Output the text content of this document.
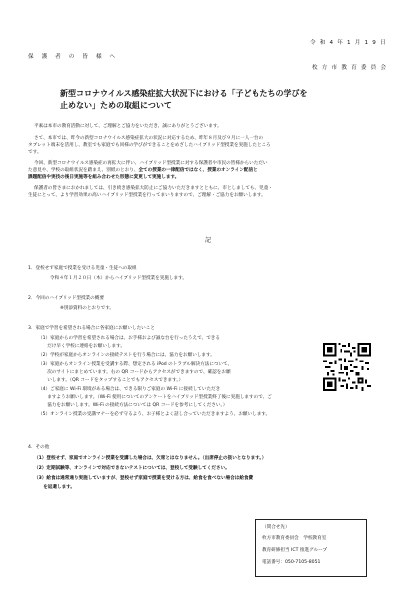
令 和 4 年 1 月 1 9 日
保　護　者　の　皆　様　へ
枚 方 市 教 育 委 員 会
新型コロナウイルス感染症拡大状況下における「子どもたちの学びを
止めない」ための取組について
平素は本市の教育活動に対して、ご理解とご協力をいただき、誠にありがとうございます。
さて、本市では、昨今の新型コロナウイルス感染症拡大の状況に対応するため、昨年８月及び９月に一人一台の
タブレット端末を活用し、教室でも家庭でも同様の学びができることをめざしたハイブリッド型授業を実施したところ
です。
今回、新型コロナウイルス感染症の再拡大に伴い、ハイブリッド型授業に対する保護者や市民の皆様からいただい
た意見や、学校の取組状況を踏まえ、別紙のとおり、全ての授業の一律配信ではなく、授業のオンライン配信と
課題配信や実技の後日実施等を組み合わせた形態に変更して実施します。
保護者の皆さまにおかれましては、引き続き感染拡大防止にご協力いただきますとともに、市としましても、児童・
生徒にとって、より学習効果の高いハイブリッド型授業を行ってまいりますので、ご理解・ご協力をお願いします。
記
1．登校せず家庭で授業を受ける児童・生徒への取組
令和４年１月２０日（木）からハイブリッド型授業を実施します。
2．今回のハイブリッド型授業の概要
※別添資料のとおりです。
3．家庭で学習を希望される場合に各家庭にお願いしたいこと
（1）家庭からの学習を希望される場合は、お手様および誠な台を行ったうえで、できる
　　だけ早く学校に連絡をお願いします。
（2）学校が家庭からオンラインの接続テストを行う場合には、協力をお願いします。
（3）家庭からオンライン授業を受講する際、想定される iPod のトラブル解決方法について、
　　次のサイトにまとめています。右の QR コードからアクセスができますので、確認をお願
　　いします。（QR コードをタップすることでもアクセスできます。）
（4）ご家庭に Wi-Fi 環境がある場合は、できる限りご家庭の Wi-Fi に接続していただき
　　ますようお願いします。（Wi-Fi 使用についてのアンケートをハイブリッド型授業終了後に実施しますので、ご
　　協力をお願いします。Wi-Fi の接続方法については QR コードを参考にしてください。）
（5）オンライン授業の受講マナーを必ず守るよう、お子様とよく話し合っていただきますよう、お願いします。
4．その他
（1）登校せず、家庭でオンライン授業を受講した場合は、欠席とはなりません。（出席停止の扱いとなります。）
（2）定期試験等、オンラインで対応できないテストについては、登校して受験してください。
（3）給食は通常通り実施していますが、登校せず家庭で授業を受ける方は、給食を食べない場合は給食費
　　を返還します。
（問合せ先）
枚方市教育委員会　学校教育室
教育研修担当 ICT 推進グループ
電話番号：050-7105-8051
